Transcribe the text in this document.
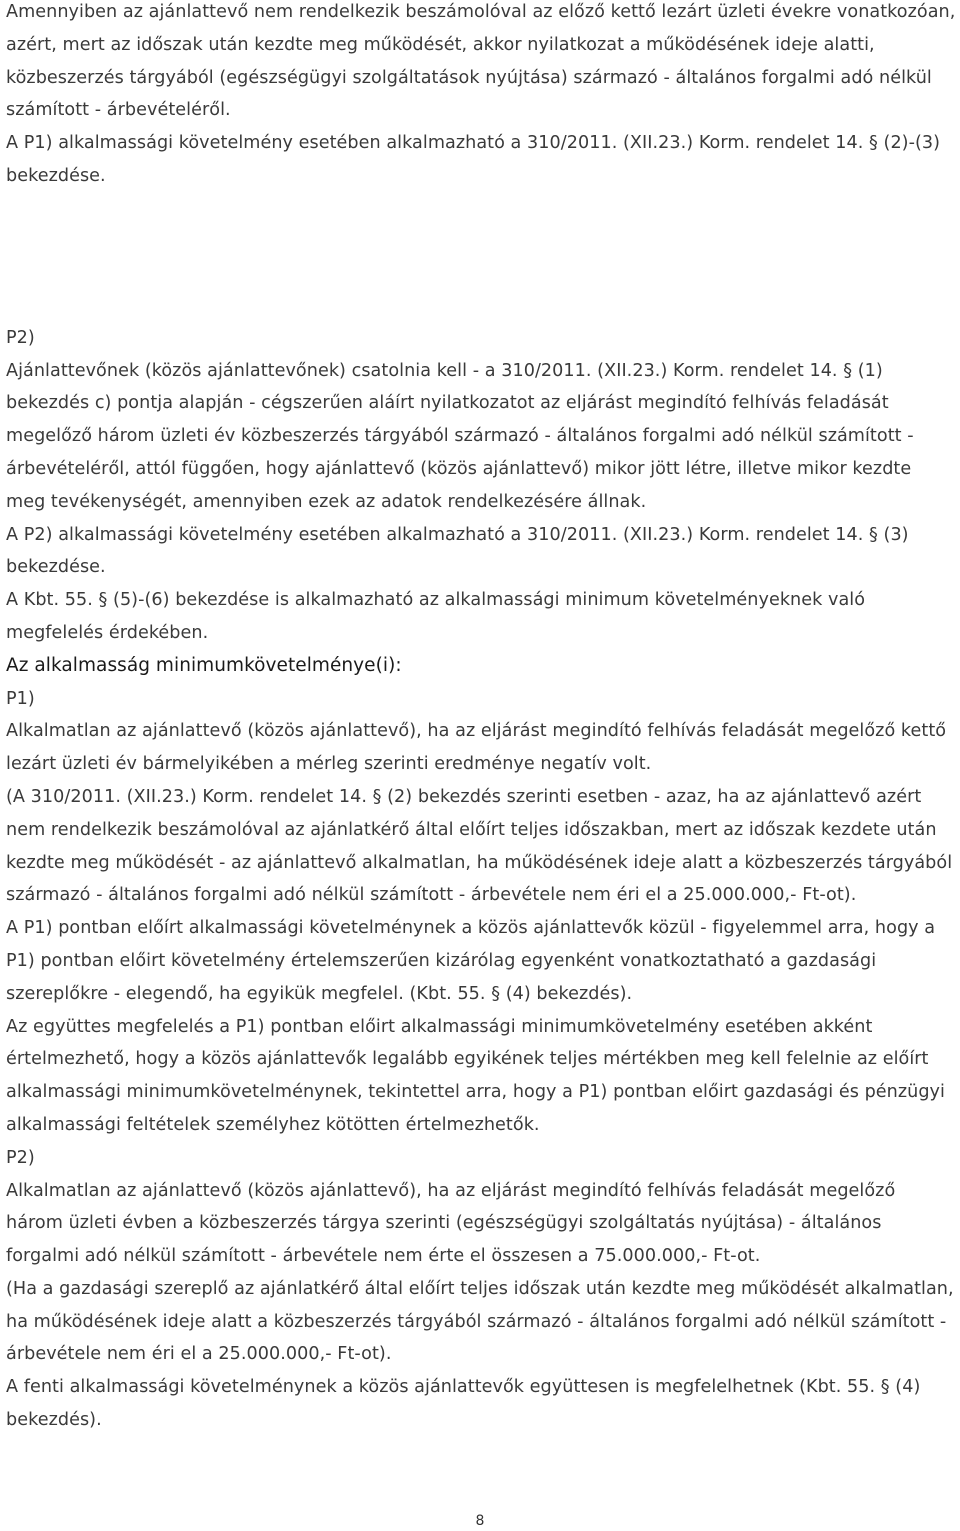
Amennyiben az ajánlattevő nem rendelkezik beszámolóval az előző kettő lezárt üzleti évekre vonatkozóan, azért, mert az időszak után kezdte meg működését, akkor nyilatkozat a működésének ideje alatti, közbeszerzés tárgyából (egészségügyi szolgáltatások nyújtása) származó - általános forgalmi adó nélkül számított - árbevételéről.

A P1) alkalmassági követelmény esetében alkalmazható a 310/2011. (XII.23.) Korm. rendelet 14. § (2)-(3) bekezdése.

P2)

Ajánlattevőnek (közös ajánlattevőnek) csatolnia kell - a 310/2011. (XII.23.) Korm. rendelet 14. § (1) bekezdés c) pontja alapján - cégszerűen aláírt nyilatkozatot az eljárást megindító felhívás feladását megelőző három üzleti év közbeszerzés tárgyából származó - általános forgalmi adó nélkül számított - árbevételéről, attól függően, hogy ajánlattevő (közös ajánlattevő) mikor jött létre, illetve mikor kezdte meg tevékenységét, amennyiben ezek az adatok rendelkezésére állnak.

A P2) alkalmassági követelmény esetében alkalmazható a 310/2011. (XII.23.) Korm. rendelet 14. § (3) bekezdése.

A Kbt. 55. § (5)-(6) bekezdése is alkalmazható az alkalmassági minimum követelményeknek való megfelelés érdekében.

Az alkalmasság minimumkövetelménye(i):

P1)

Alkalmatlan az ajánlattevő (közös ajánlattevő), ha az eljárást megindító felhívás feladását megelőző kettő lezárt üzleti év bármelyikében a mérleg szerinti eredménye negatív volt.

(A 310/2011. (XII.23.) Korm. rendelet 14. § (2) bekezdés szerinti esetben - azaz, ha az ajánlattevő azért nem rendelkezik beszámolóval az ajánlatkérő által előírt teljes időszakban, mert az időszak kezdete után kezdte meg működését - az ajánlattevő alkalmatlan, ha működésének ideje alatt a közbeszerzés tárgyából származó - általános forgalmi adó nélkül számított - árbevétele nem éri el a 25.000.000,- Ft-ot).

A P1) pontban előírt alkalmassági követelménynek a közös ajánlattevők közül - figyelemmel arra, hogy a P1) pontban előirt követelmény értelemszerűen kizárólag egyenként vonatkoztatható a gazdasági szereplőkre - elegendő, ha egyikük megfelel. (Kbt. 55. § (4) bekezdés).

Az együttes megfelelés a P1) pontban előirt alkalmassági minimumkövetelmény esetében akként értelmezhető, hogy a közös ajánlattevők legalább egyikének teljes mértékben meg kell felelnie az előírt alkalmassági minimumkövetelménynek, tekintettel arra, hogy a P1) pontban előirt gazdasági és pénzügyi alkalmassági feltételek személyhez kötötten értelmezhetők.

P2)

Alkalmatlan az ajánlattevő (közös ajánlattevő), ha az eljárást megindító felhívás feladását megelőző három üzleti évben a közbeszerzés tárgya szerinti (egészségügyi szolgáltatás nyújtása) - általános forgalmi adó nélkül számított - árbevétele nem érte el összesen a 75.000.000,- Ft-ot.

(Ha a gazdasági szereplő az ajánlatkérő által előírt teljes időszak után kezdte meg működését alkalmatlan, ha működésének ideje alatt a közbeszerzés tárgyából származó - általános forgalmi adó nélkül számított - árbevétele nem éri el a 25.000.000,- Ft-ot).

A fenti alkalmassági követelménynek a közös ajánlattevők együttesen is megfelelhetnek (Kbt. 55. § (4) bekezdés).

8
